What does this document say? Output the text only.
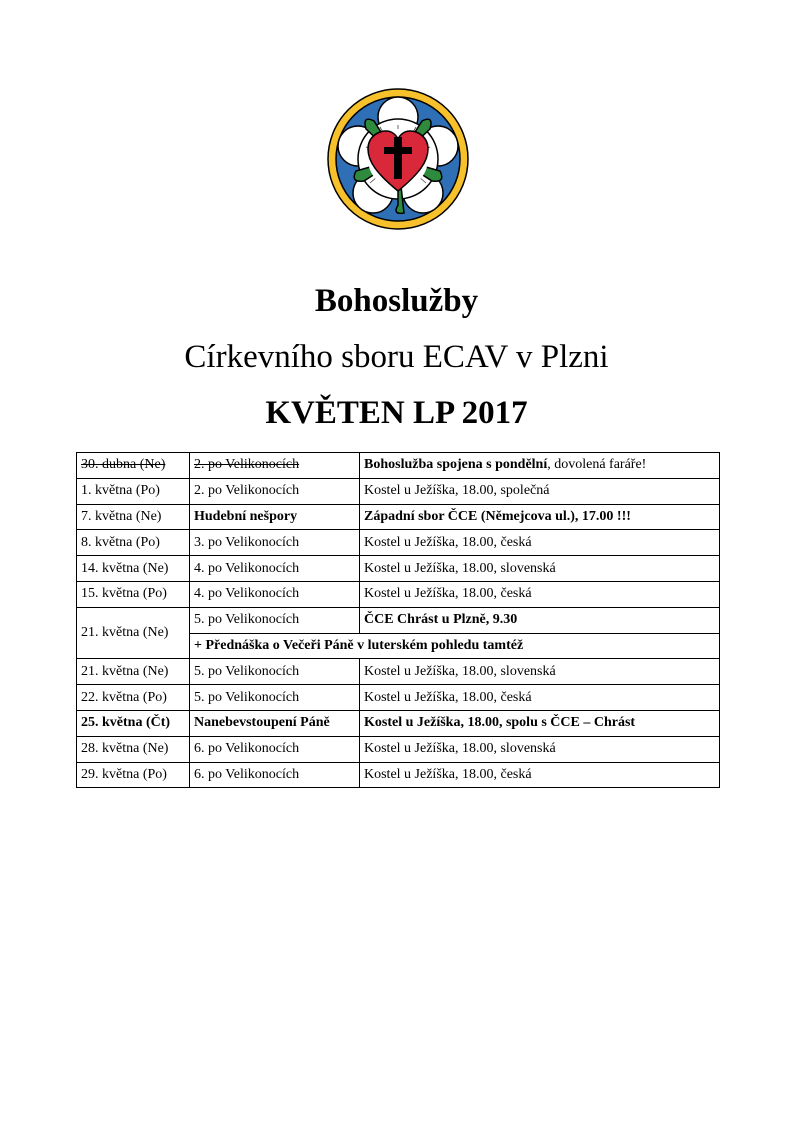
Bohoslužby
Církevního sboru ECAV v Plzni
KVĚTEN LP 2017
30. dubna (Ne)	2. po Velikonocích	Bohoslužba spojena s pondělní, dovolená faráře!
1. května (Po)	2. po Velikonocích	Kostel u Ježíška, 18.00, společná
7. května (Ne)	Hudební nešpory	Západní sbor ČCE (Němejcova ul.), 17.00 !!!
8. května (Po)	3. po Velikonocích	Kostel u Ježíška, 18.00, česká
14. května (Ne)	4. po Velikonocích	Kostel u Ježíška, 18.00, slovenská
15. května (Po)	4. po Velikonocích	Kostel u Ježíška, 18.00, česká
21. května (Ne)	5. po Velikonocích	ČCE Chrást u Plzně, 9.30
	+ Přednáška o Večeři Páně v luterském pohledu tamtéž	
21. května (Ne)	5. po Velikonocích	Kostel u Ježíška, 18.00, slovenská
22. května (Po)	5. po Velikonocích	Kostel u Ježíška, 18.00, česká
25. května (Čt)	Nanebevstoupení Páně	Kostel u Ježíška, 18.00, spolu s ČCE – Chrást
28. května (Ne)	6. po Velikonocích	Kostel u Ježíška, 18.00, slovenská
29. května (Po)	6. po Velikonocích	Kostel u Ježíška, 18.00, česká
